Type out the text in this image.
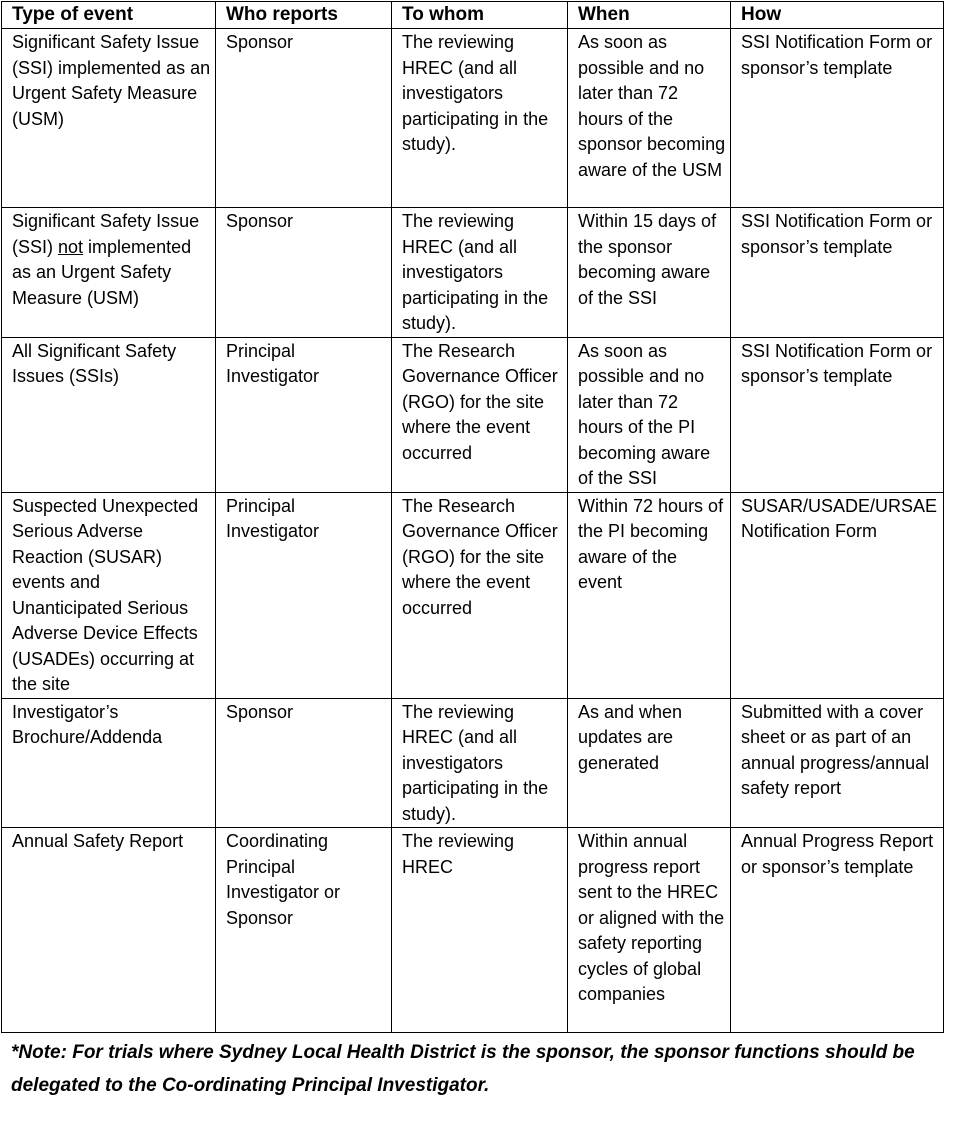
Type of event	Who reports	To whom	When	How
Significant Safety Issue (SSI) implemented as an Urgent Safety Measure (USM)	Sponsor	The reviewing HREC (and all investigators participating in the study).	As soon as possible and no later than 72 hours of the sponsor becoming aware of the USM	SSI Notification Form or sponsor’s template
Significant Safety Issue (SSI) not implemented as an Urgent Safety Measure (USM)	Sponsor	The reviewing HREC (and all investigators participating in the study).	Within 15 days of the sponsor becoming aware of the SSI	SSI Notification Form or sponsor’s template
All Significant Safety Issues (SSIs)	Principal Investigator	The Research Governance Officer (RGO) for the site where the event occurred	As soon as possible and no later than 72 hours of the PI becoming aware of the SSI	SSI Notification Form or sponsor’s template
Suspected Unexpected Serious Adverse Reaction (SUSAR) events and Unanticipated Serious Adverse Device Effects (USADEs) occurring at the site	Principal Investigator	The Research Governance Officer (RGO) for the site where the event occurred	Within 72 hours of the PI becoming aware of the event	SUSAR/USADE/URSAE Notification Form
Investigator’s Brochure/Addenda	Sponsor	The reviewing HREC (and all investigators participating in the study).	As and when updates are generated	Submitted with a cover sheet or as part of an annual progress/annual safety report
Annual Safety Report	Coordinating Principal Investigator or Sponsor	The reviewing HREC	Within annual progress report sent to the HREC or aligned with the safety reporting cycles of global companies	Annual Progress Report or sponsor’s template

*Note: For trials where Sydney Local Health District is the sponsor, the sponsor functions should be delegated to the Co-ordinating Principal Investigator.
